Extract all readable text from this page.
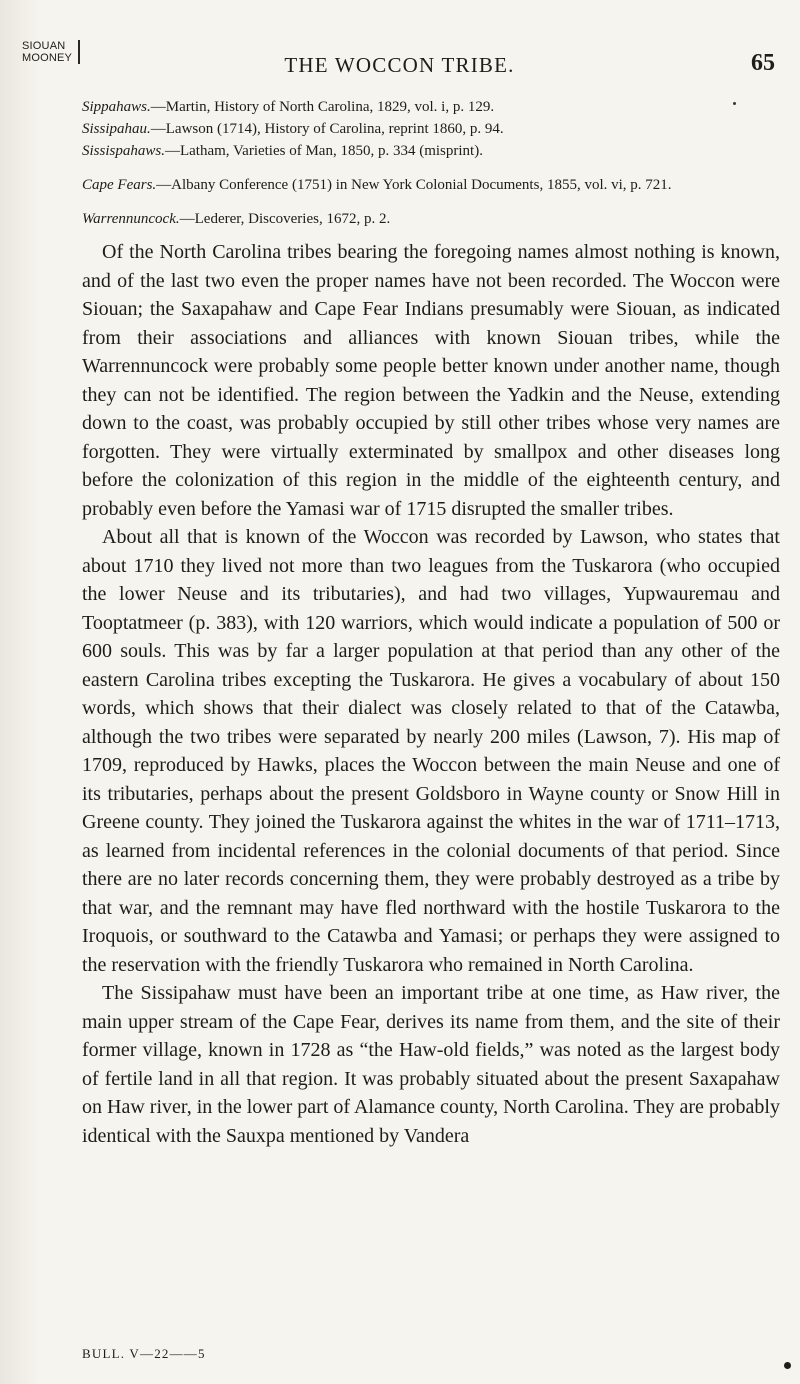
SIOUAN
MOONEY	THE WOCCON TRIBE.	65

Sippahaws.—Martin, History of North Carolina, 1829, vol. i, p. 129.

Sissipahau.—Lawson (1714), History of Carolina, reprint 1860, p. 94.

Sissispahaws.—Latham, Varieties of Man, 1850, p. 334 (misprint).

Cape Fears.—Albany Conference (1751) in New York Colonial Documents, 1855, vol. vi, p. 721.

Warrennuncock.—Lederer, Discoveries, 1672, p. 2.

Of the North Carolina tribes bearing the foregoing names almost nothing is known, and of the last two even the proper names have not been recorded. The Woccon were Siouan; the Saxapahaw and Cape Fear Indians presumably were Siouan, as indicated from their associations and alliances with known Siouan tribes, while the Warrennuncock were probably some people better known under another name, though they can not be identified. The region between the Yadkin and the Neuse, extending down to the coast, was probably occupied by still other tribes whose very names are forgotten. They were virtually exterminated by smallpox and other diseases long before the colonization of this region in the middle of the eighteenth century, and probably even before the Yamasi war of 1715 disrupted the smaller tribes.

About all that is known of the Woccon was recorded by Lawson, who states that about 1710 they lived not more than two leagues from the Tuskarora (who occupied the lower Neuse and its tributaries), and had two villages, Yupwauremau and Tooptatmeer (p. 383), with 120 warriors, which would indicate a population of 500 or 600 souls. This was by far a larger population at that period than any other of the eastern Carolina tribes excepting the Tuskarora. He gives a vocabulary of about 150 words, which shows that their dialect was closely related to that of the Catawba, although the two tribes were separated by nearly 200 miles (Lawson, 7). His map of 1709, reproduced by Hawks, places the Woccon between the main Neuse and one of its tributaries, perhaps about the present Goldsboro in Wayne county or Snow Hill in Greene county. They joined the Tuskarora against the whites in the war of 1711–1713, as learned from incidental references in the colonial documents of that period. Since there are no later records concerning them, they were probably destroyed as a tribe by that war, and the remnant may have fled northward with the hostile Tuskarora to the Iroquois, or southward to the Catawba and Yamasi; or perhaps they were assigned to the reservation with the friendly Tuskarora who remained in North Carolina.

The Sissipahaw must have been an important tribe at one time, as Haw river, the main upper stream of the Cape Fear, derives its name from them, and the site of their former village, known in 1728 as “the Haw-old fields,” was noted as the largest body of fertile land in all that region. It was probably situated about the present Saxapahaw on Haw river, in the lower part of Alamance county, North Carolina. They are probably identical with the Sauxpa mentioned by Vandera

BULL. V—22——5
